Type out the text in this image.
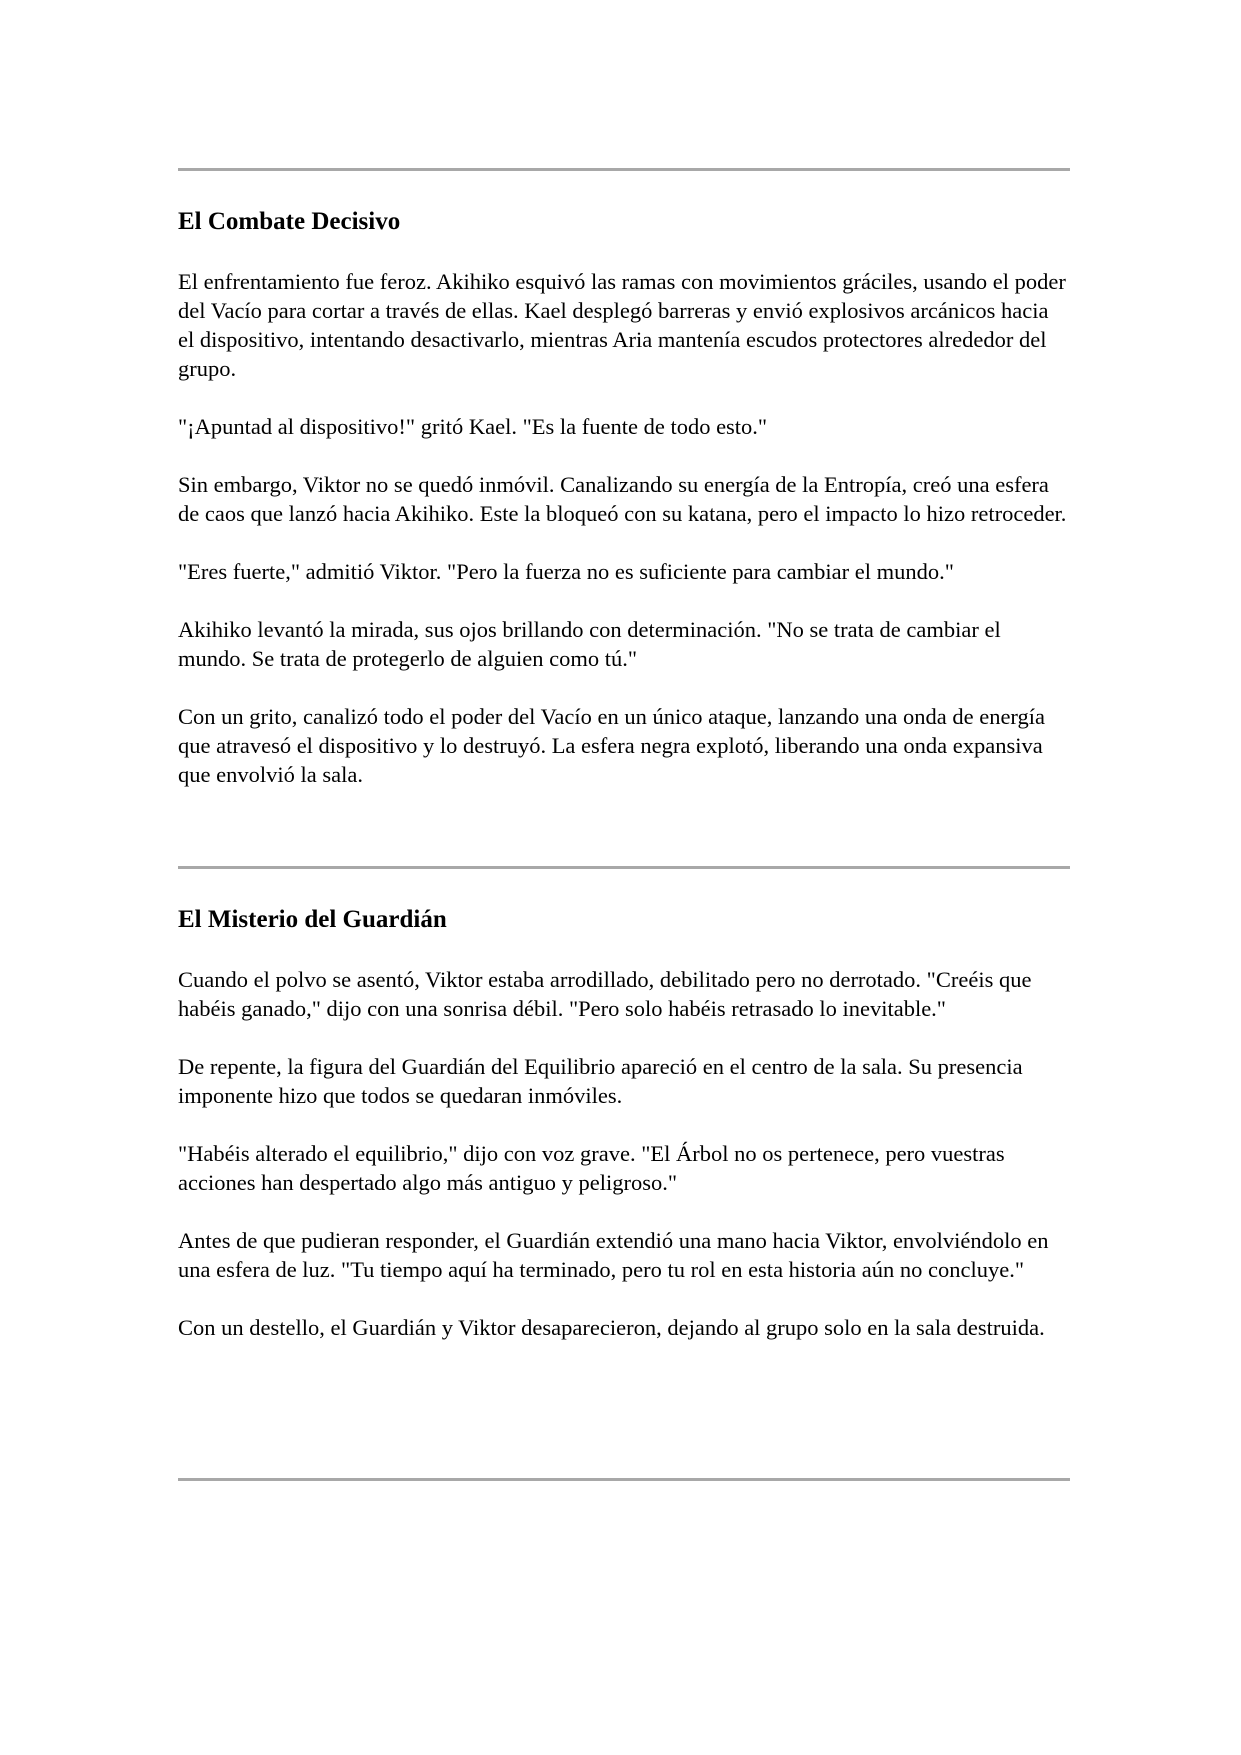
El Combate Decisivo

El enfrentamiento fue feroz. Akihiko esquivó las ramas con movimientos gráciles, usando el poder del Vacío para cortar a través de ellas. Kael desplegó barreras y envió explosivos arcánicos hacia el dispositivo, intentando desactivarlo, mientras Aria mantenía escudos protectores alrededor del grupo.

"¡Apuntad al dispositivo!" gritó Kael. "Es la fuente de todo esto."

Sin embargo, Viktor no se quedó inmóvil. Canalizando su energía de la Entropía, creó una esfera de caos que lanzó hacia Akihiko. Este la bloqueó con su katana, pero el impacto lo hizo retroceder.

"Eres fuerte," admitió Viktor. "Pero la fuerza no es suficiente para cambiar el mundo."

Akihiko levantó la mirada, sus ojos brillando con determinación. "No se trata de cambiar el mundo. Se trata de protegerlo de alguien como tú."

Con un grito, canalizó todo el poder del Vacío en un único ataque, lanzando una onda de energía que atravesó el dispositivo y lo destruyó. La esfera negra explotó, liberando una onda expansiva que envolvió la sala.

El Misterio del Guardián

Cuando el polvo se asentó, Viktor estaba arrodillado, debilitado pero no derrotado. "Creéis que habéis ganado," dijo con una sonrisa débil. "Pero solo habéis retrasado lo inevitable."

De repente, la figura del Guardián del Equilibrio apareció en el centro de la sala. Su presencia imponente hizo que todos se quedaran inmóviles.

"Habéis alterado el equilibrio," dijo con voz grave. "El Árbol no os pertenece, pero vuestras acciones han despertado algo más antiguo y peligroso."

Antes de que pudieran responder, el Guardián extendió una mano hacia Viktor, envolviéndolo en una esfera de luz. "Tu tiempo aquí ha terminado, pero tu rol en esta historia aún no concluye."

Con un destello, el Guardián y Viktor desaparecieron, dejando al grupo solo en la sala destruida.
